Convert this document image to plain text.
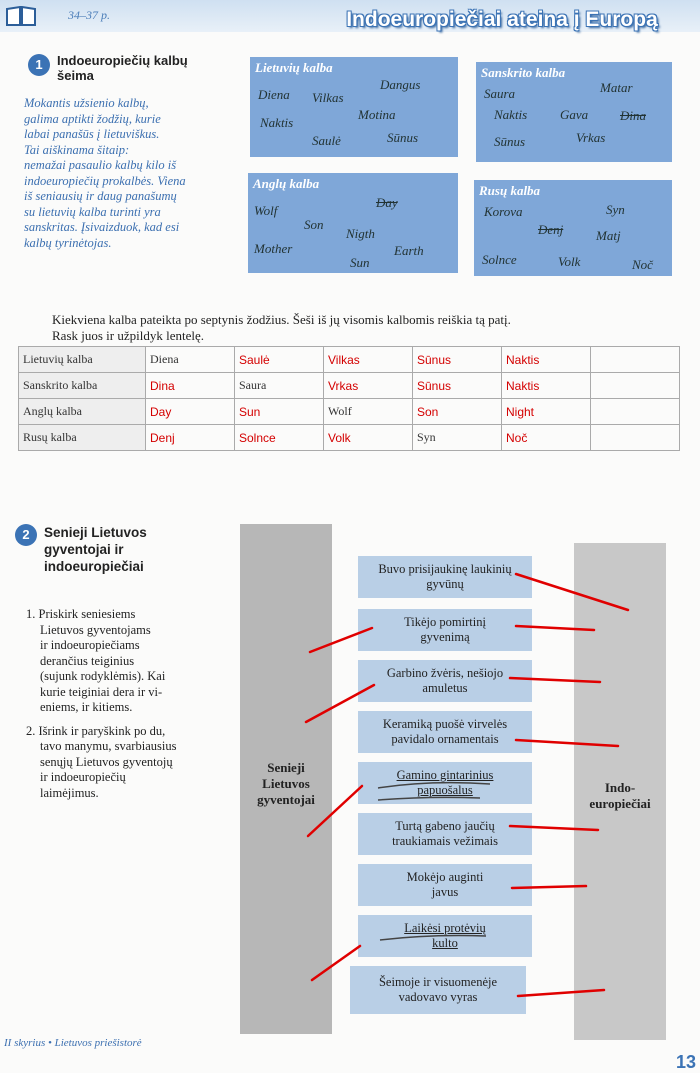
34–37 p.	Indoeuropiečiai ateina į Europą
1	Indoeuropiečių kalbų
šeima
Mokantis užsienio kalbų,
galima aptikti žodžių, kurie
labai panašūs į lietuviškus.
Tai aiškinama šitaip:
nemažai pasaulio kalbų kilo iš
indoeuropiečių prokalbės. Viena
iš seniausių ir daug panašumų
su lietuvių kalba turinti yra
sanskritas. Įsivaizduok, kad esi
kalbų tyrinėtojas.
Lietuvių kalba
Dangus
Diena Vilkas
Motina
Naktis
Saulė	Sūnus
Sanskrito kalba
Saura	Matar
Naktis	Gava Dina
Sūnus	Vrkas
Anglų kalba
Day
Wolf
Son
Nigth
Mother	Earth
Sun
Rusų kalba
Korova	Syn
Denj	Matj
Solnce	Volk	Noč
Kiekviena kalba pateikta po septynis žodžius. Šeši iš jų visomis kalbomis reiškia tą patį.
Rask juos ir užpildyk lentelę.
Lietuvių kalba	Diena	Saulė	Vilkas	Sūnus	Naktis	
Sanskrito kalba	Dina	Saura	Vrkas	Sūnus	Naktis	
Anglų kalba	Day	Sun	Wolf	Son	Night	
Rusų kalba	Denj	Solnce	Volk	Syn	Noč	
2	Senieji Lietuvos
gyventojai ir
indoeuropiečiai

1. Priskirk seniesiems
Lietuvos gyventojams
ir indoeuropiečiams
derančius teiginius
(sujunk rodyklėmis). Kai
kurie teiginiai dera ir vi-
eniems, ir kitiems.

2. Išrink ir paryškink po du,
tavo manymu, svarbiausius
senųjų Lietuvos gyventojų
ir indoeuropiečių
laimėjimus.

Senieji
Lietuvos
gyventojai
Indo-
europiečiai
Buvo prisijaukinę laukinių
gyvūnų
Tikėjo pomirtinį
gyvenimą
Garbino žvėris, nešiojo
amuletus
Keramiką puošė virvelės
pavidalo ornamentais
Gamino gintarinius
papuošalus
Turtą gabeno jaučių
traukiamais vežimais
Mokėjo auginti
javus
Laikėsi protėvių
kulto
Šeimoje ir visuomenėje
vadovavo vyras
II skyrius • Lietuvos priešistorė
13
